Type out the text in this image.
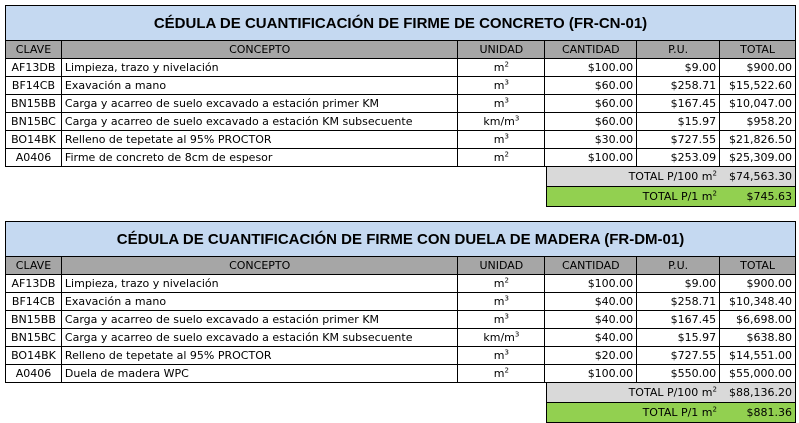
CÉDULA DE CUANTIFICACIÓN DE FIRME DE CONCRETO (FR-CN-01)
CLAVE	CONCEPTO	UNIDAD	CANTIDAD	P.U.	TOTAL
AF13DB Limpieza, trazo y nivelación	$m^2$	$100.00	$9.00	$900.00
BF14CB Exavación a mano	$m^3$	$60.00	$258.71	$15,522.60
BN15BB Carga y acarreo de suelo excavado a estación primer KM	$m^3$	$60.00	$167.45	$10,047.00
BN15BC Carga y acarreo de suelo excavado a estación KM subsecuente	$km/m^3$	$60.00	$15.97	$958.20
BO14BK Relleno de tepetate al 95% PROCTOR	$m^3$	$30.00	$727.55	$21,826.50
A0406	Firme de concreto de 8cm de espesor	$m^2$	$100.00	$253.09	$25,309.00
TOTAL P/100 $m^2$	$74,563.30
TOTAL P/1 $m^2$	$745.63
CÉDULA DE CUANTIFICACIÓN DE FIRME CON DUELA DE MADERA (FR-DM-01)
CLAVE	CONCEPTO	UNIDAD	CANTIDAD	P.U.	TOTAL
AF13DB Limpieza, trazo y nivelación	$m^2$	$100.00	$9.00	$900.00
BF14CB Exavación a mano	$m^3$	$40.00	$258.71	$10,348.40
BN15BB Carga y acarreo de suelo excavado a estación primer KM	$m^3$	$40.00	$167.45	$6,698.00
BN15BC Carga y acarreo de suelo excavado a estación KM subsecuente	$km/m^3$	$40.00	$15.97	$638.80
BO14BK Relleno de tepetate al 95% PROCTOR	$m^3$	$20.00	$727.55	$14,551.00
A0406	Duela de madera WPC	$m^2$	$100.00	$550.00	$55,000.00
TOTAL P/100 $m^2$	$88,136.20
TOTAL P/1 $m^2$	$881.36
